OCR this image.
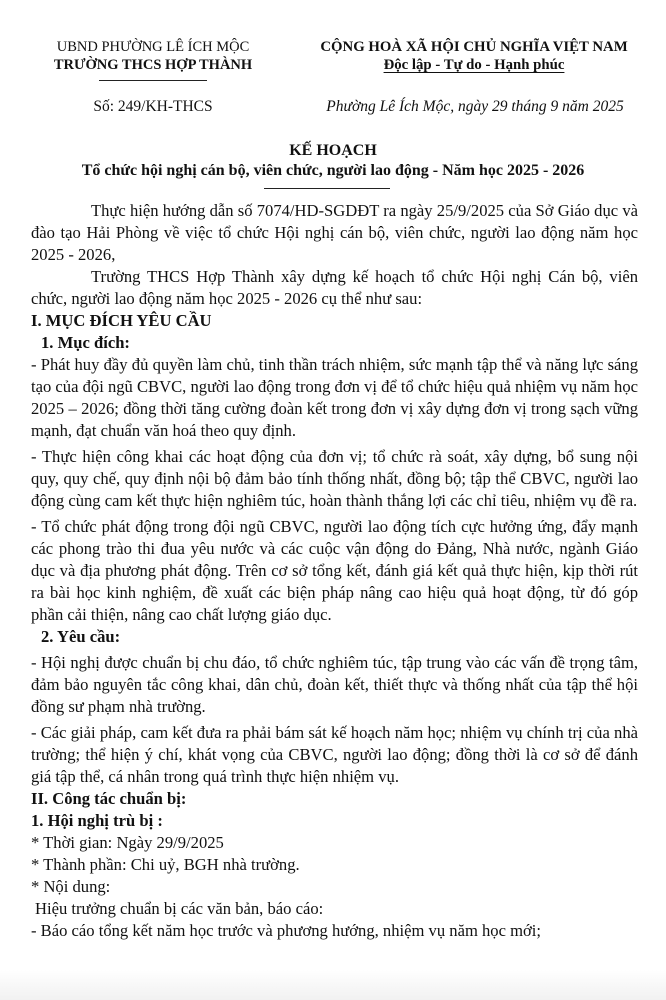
UBND PHƯỜNG LÊ ÍCH MỘC
TRƯỜNG THCS HỢP THÀNH
CỘNG HOÀ XÃ HỘI CHỦ NGHĨA VIỆT NAM
Độc lập - Tự do - Hạnh phúc
Số: 249/KH-THCS	Phường Lê Ích Mộc, ngày 29 tháng 9 năm 2025
KẾ HOẠCH
Tổ chức hội nghị cán bộ, viên chức, người lao động - Năm học 2025 - 2026

Thực hiện hướng dẫn số 7074/HD-SGDĐT ra ngày 25/9/2025 của Sở Giáo dục và đào tạo Hải Phòng về việc tổ chức Hội nghị cán bộ, viên chức, người lao động năm học 2025 - 2026,

Trường THCS Hợp Thành xây dựng kế hoạch tổ chức Hội nghị Cán bộ, viên chức, người lao động năm học 2025 - 2026 cụ thể như sau:

I. MỤC ĐÍCH YÊU CẦU

1. Mục đích:

- Phát huy đầy đủ quyền làm chủ, tinh thần trách nhiệm, sức mạnh tập thể và năng lực sáng tạo của đội ngũ CBVC, người lao động trong đơn vị để tổ chức hiệu quả nhiệm vụ năm học 2025 – 2026; đồng thời tăng cường đoàn kết trong đơn vị xây dựng đơn vị trong sạch vững mạnh, đạt chuẩn văn hoá theo quy định.

- Thực hiện công khai các hoạt động của đơn vị; tổ chức rà soát, xây dựng, bổ sung nội quy, quy chế, quy định nội bộ đảm bảo tính thống nhất, đồng bộ; tập thể CBVC, người lao động cùng cam kết thực hiện nghiêm túc, hoàn thành thắng lợi các chỉ tiêu, nhiệm vụ đề ra.

- Tổ chức phát động trong đội ngũ CBVC, người lao động tích cực hưởng ứng, đẩy mạnh các phong trào thi đua yêu nước và các cuộc vận động do Đảng, Nhà nước, ngành Giáo dục và địa phương phát động. Trên cơ sở tổng kết, đánh giá kết quả thực hiện, kịp thời rút ra bài học kinh nghiệm, đề xuất các biện pháp nâng cao hiệu quả hoạt động, từ đó góp phần cải thiện, nâng cao chất lượng giáo dục.

2. Yêu cầu:

- Hội nghị được chuẩn bị chu đáo, tổ chức nghiêm túc, tập trung vào các vấn đề trọng tâm, đảm bảo nguyên tắc công khai, dân chủ, đoàn kết, thiết thực và thống nhất của tập thể hội đồng sư phạm nhà trường.

- Các giải pháp, cam kết đưa ra phải bám sát kế hoạch năm học; nhiệm vụ chính trị của nhà trường; thể hiện ý chí, khát vọng của CBVC, người lao động; đồng thời là cơ sở để đánh giá tập thể, cá nhân trong quá trình thực hiện nhiệm vụ.

II. Công tác chuẩn bị:

1. Hội nghị trù bị :

* Thời gian: Ngày 29/9/2025

* Thành phần: Chi uỷ, BGH nhà trường.

* Nội dung:

Hiệu trưởng chuẩn bị các văn bản, báo cáo:

- Báo cáo tổng kết năm học trước và phương hướng, nhiệm vụ năm học mới;
